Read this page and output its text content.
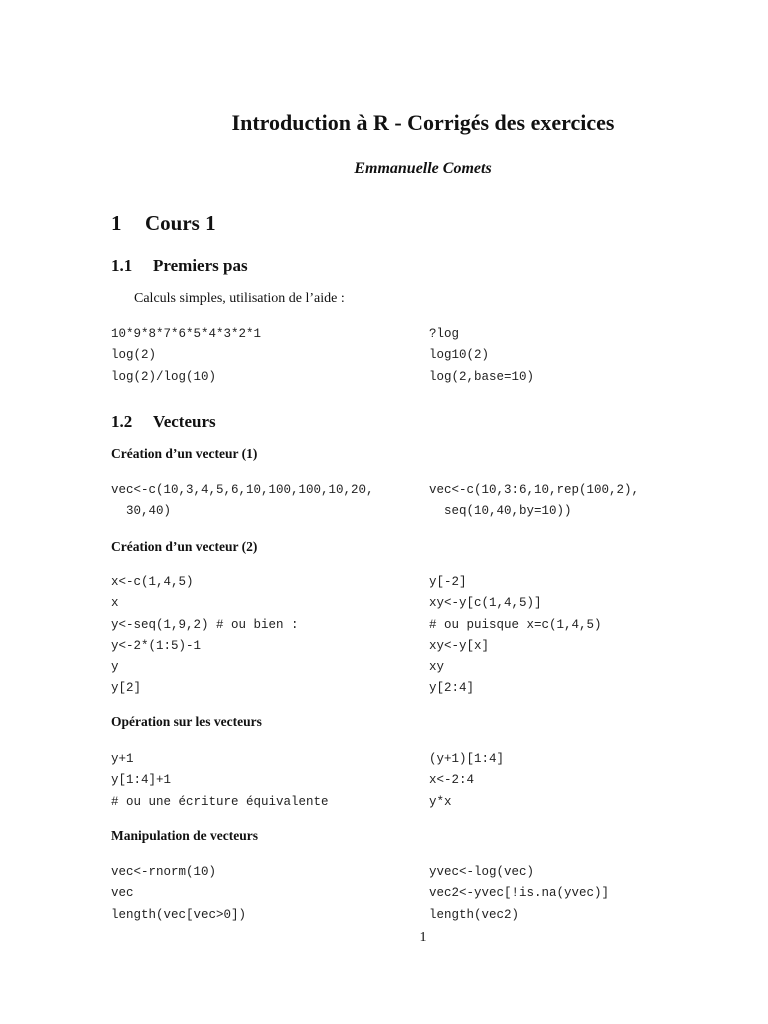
Introduction à R - Corrigés des exercices
Emmanuelle Comets
1 Cours 1
1.1 Premiers pas
Calculs simples, utilisation de l’aide :
10*9*8*7*6*5*4*3*2*1
log(2)
log(2)/log(10)
?log
log10(2)
log(2,base=10)
1.2 Vecteurs
Création d’un vecteur (1)
vec<-c(10,3,4,5,6,10,100,100,10,20,
30,40)
vec<-c(10,3:6,10,rep(100,2),
seq(10,40,by=10))
Création d’un vecteur (2)
x<-c(1,4,5)
x
y<-seq(1,9,2) # ou bien :
y<-2*(1:5)-1
y
y[2]
y[-2]
xy<-y[c(1,4,5)]
# ou puisque x=c(1,4,5)
xy<-y[x]
xy
y[2:4]
Opération sur les vecteurs
y+1
y[1:4]+1
# ou une écriture équivalente
(y+1)[1:4]
x<-2:4
y*x
Manipulation de vecteurs
vec<-rnorm(10)
vec
length(vec[vec>0])
yvec<-log(vec)
vec2<-yvec[!is.na(yvec)]
length(vec2)
1
